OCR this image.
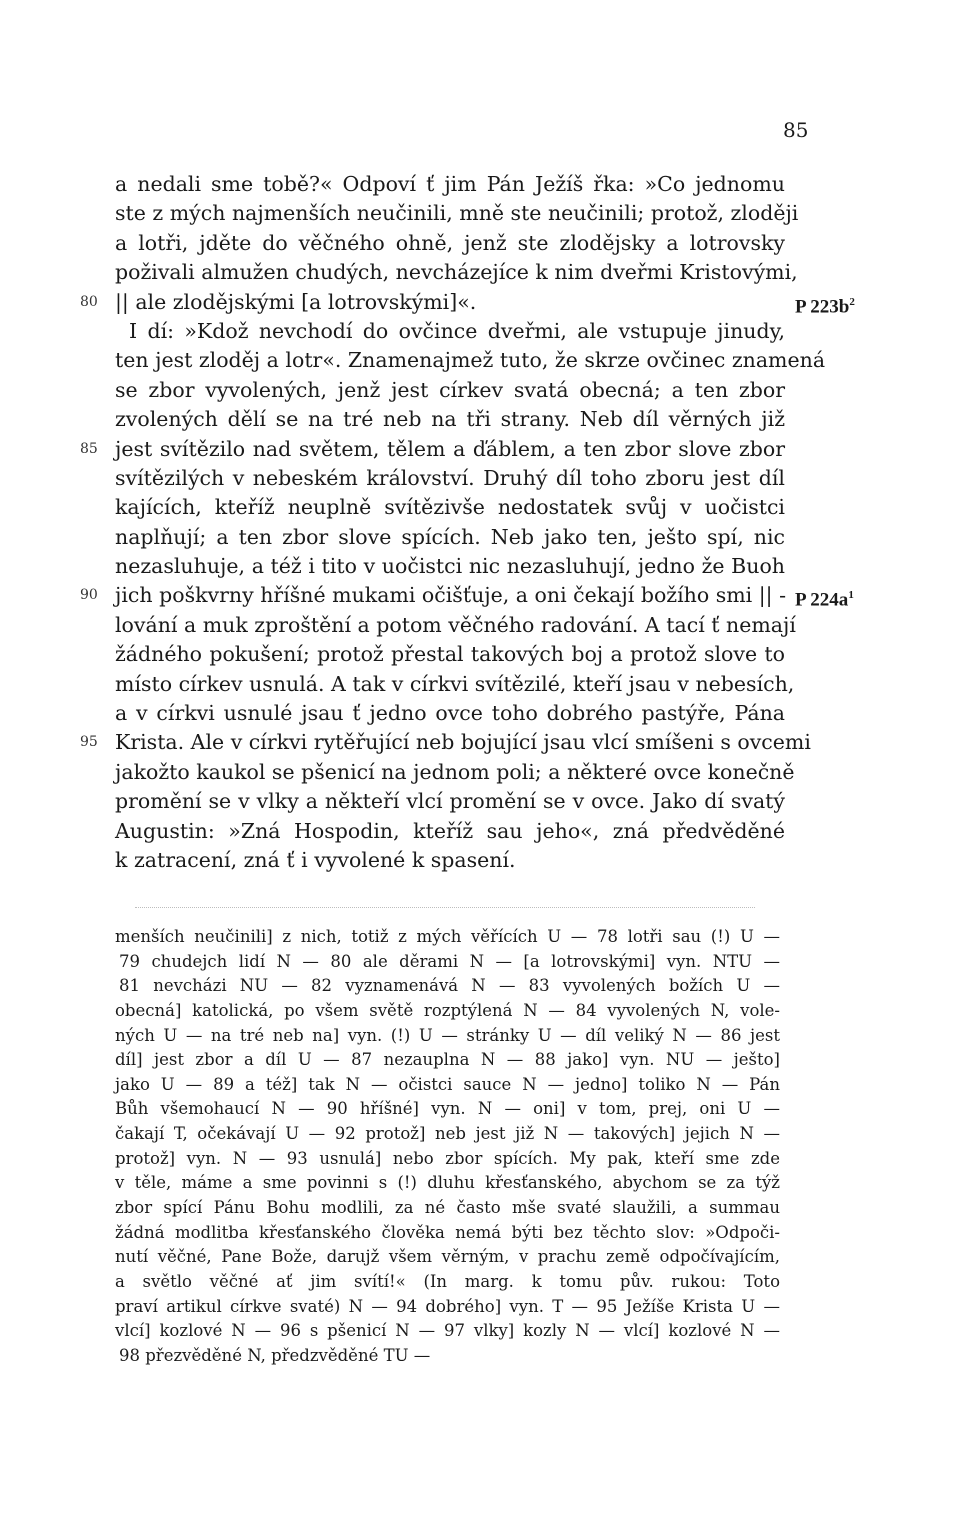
85
a nedali sme tobě?« Odpoví ť jim Pán Ježíš řka: »Co jednomu
ste z mých najmenších neučinili, mně ste neučinili; protož, zloději
a lotři, jděte do věčného ohně, jenž ste zlodějsky a lotrovsky
poživali almužen chudých, nevcházejíce k nim dveřmi Kristovými,
80 || ale zlodějskými [a lotrovskými]«.	P $223b^2$
I dí: »Kdož nevchodí do ovčince dveřmi, ale vstupuje jinudy,
ten jest zloděj a lotr«. Znamenajmež tuto, že skrze ovčinec znamená
se zbor vyvolených, jenž jest církev svatá obecná; a ten zbor
zvolených dělí se na tré neb na tři strany. Neb díl věrných již
85 jest svítězilo nad světem, tělem a ďáblem, a ten zbor slove zbor
svítězilých v nebeském království. Druhý díl toho zboru jest díl
kajících, kteříž neuplně svítězivše nedostatek svůj v uočistci
naplňují; a ten zbor slove spících. Neb jako ten, ješto spí, nic
nezasluhuje, a též i tito v uočistci nic nezasluhují, jedno že Buoh
90 jich poškvrny hříšné mukami očišťuje, a oni čekají božího smi || - P $224a^1$
lování a muk zproštění a potom věčného radování. A tací ť nemají
žádného pokušení; protož přestal takových boj a protož slove to
místo církev usnulá. A tak v církvi svítězilé, kteří jsau v nebesích,
a v církvi usnulé jsau ť jedno ovce toho dobrého pastýře, Pána
95 Krista. Ale v církvi rytěřující neb bojující jsau vlcí smíšeni s ovcemi
jakožto kaukol se pšenicí na jednom poli; a některé ovce konečně
promění se v vlky a někteří vlcí promění se v ovce. Jako dí svatý
Augustin: »Zná Hospodin, kteříž sau jeho«, zná předvěděné
k zatracení, zná ť i vyvolené k spasení.
menších neučinili] z nich, totiž z mých věřících U — 78 lotři sau (!) U —
79 chudejch lidí N — 80 ale děrami N — [a lotrovskými] vyn. NTU —
81 nevcházi NU — 82 vyznamenává N — 83 vyvolených božích U —
obecná] katolická, po všem světě rozptýlená N — 84 vyvolených N, vole-
ných U — na tré neb na] vyn. (!) U — stránky U — díl veliký N — 86 jest
díl] jest zbor a díl U — 87 nezauplna N — 88 jako] vyn. NU — ješto]
jako U — 89 a též] tak N — očistci sauce N — jedno] toliko N — Pán
Bůh všemohaucí N — 90 hříšné] vyn. N — oni] v tom, prej, oni U —
čakají T, očekávají U — 92 protož] neb jest již N — takových] jejich N —
protož] vyn. N — 93 usnulá] nebo zbor spících. My pak, kteří sme zde
v těle, máme a sme povinni s (!) dluhu křesťanského, abychom se za týž
zbor spící Pánu Bohu modlili, za né často mše svaté slaužili, a summau
žádná modlitba křesťanského člověka nemá býti bez těchto slov: »Odpoči-
nutí věčné, Pane Bože, darujž všem věrným, v prachu země odpočívajícím,
a světlo věčné ať jim svítí!« (In marg. k tomu pův. rukou: Toto
praví artikul církve svaté) N — 94 dobrého] vyn. T — 95 Ježíše Krista U —
vlcí] kozlové N — 96 s pšenicí N — 97 vlky] kozly N — vlcí] kozlové N —
98 přezvěděné N, předzvěděné TU —
